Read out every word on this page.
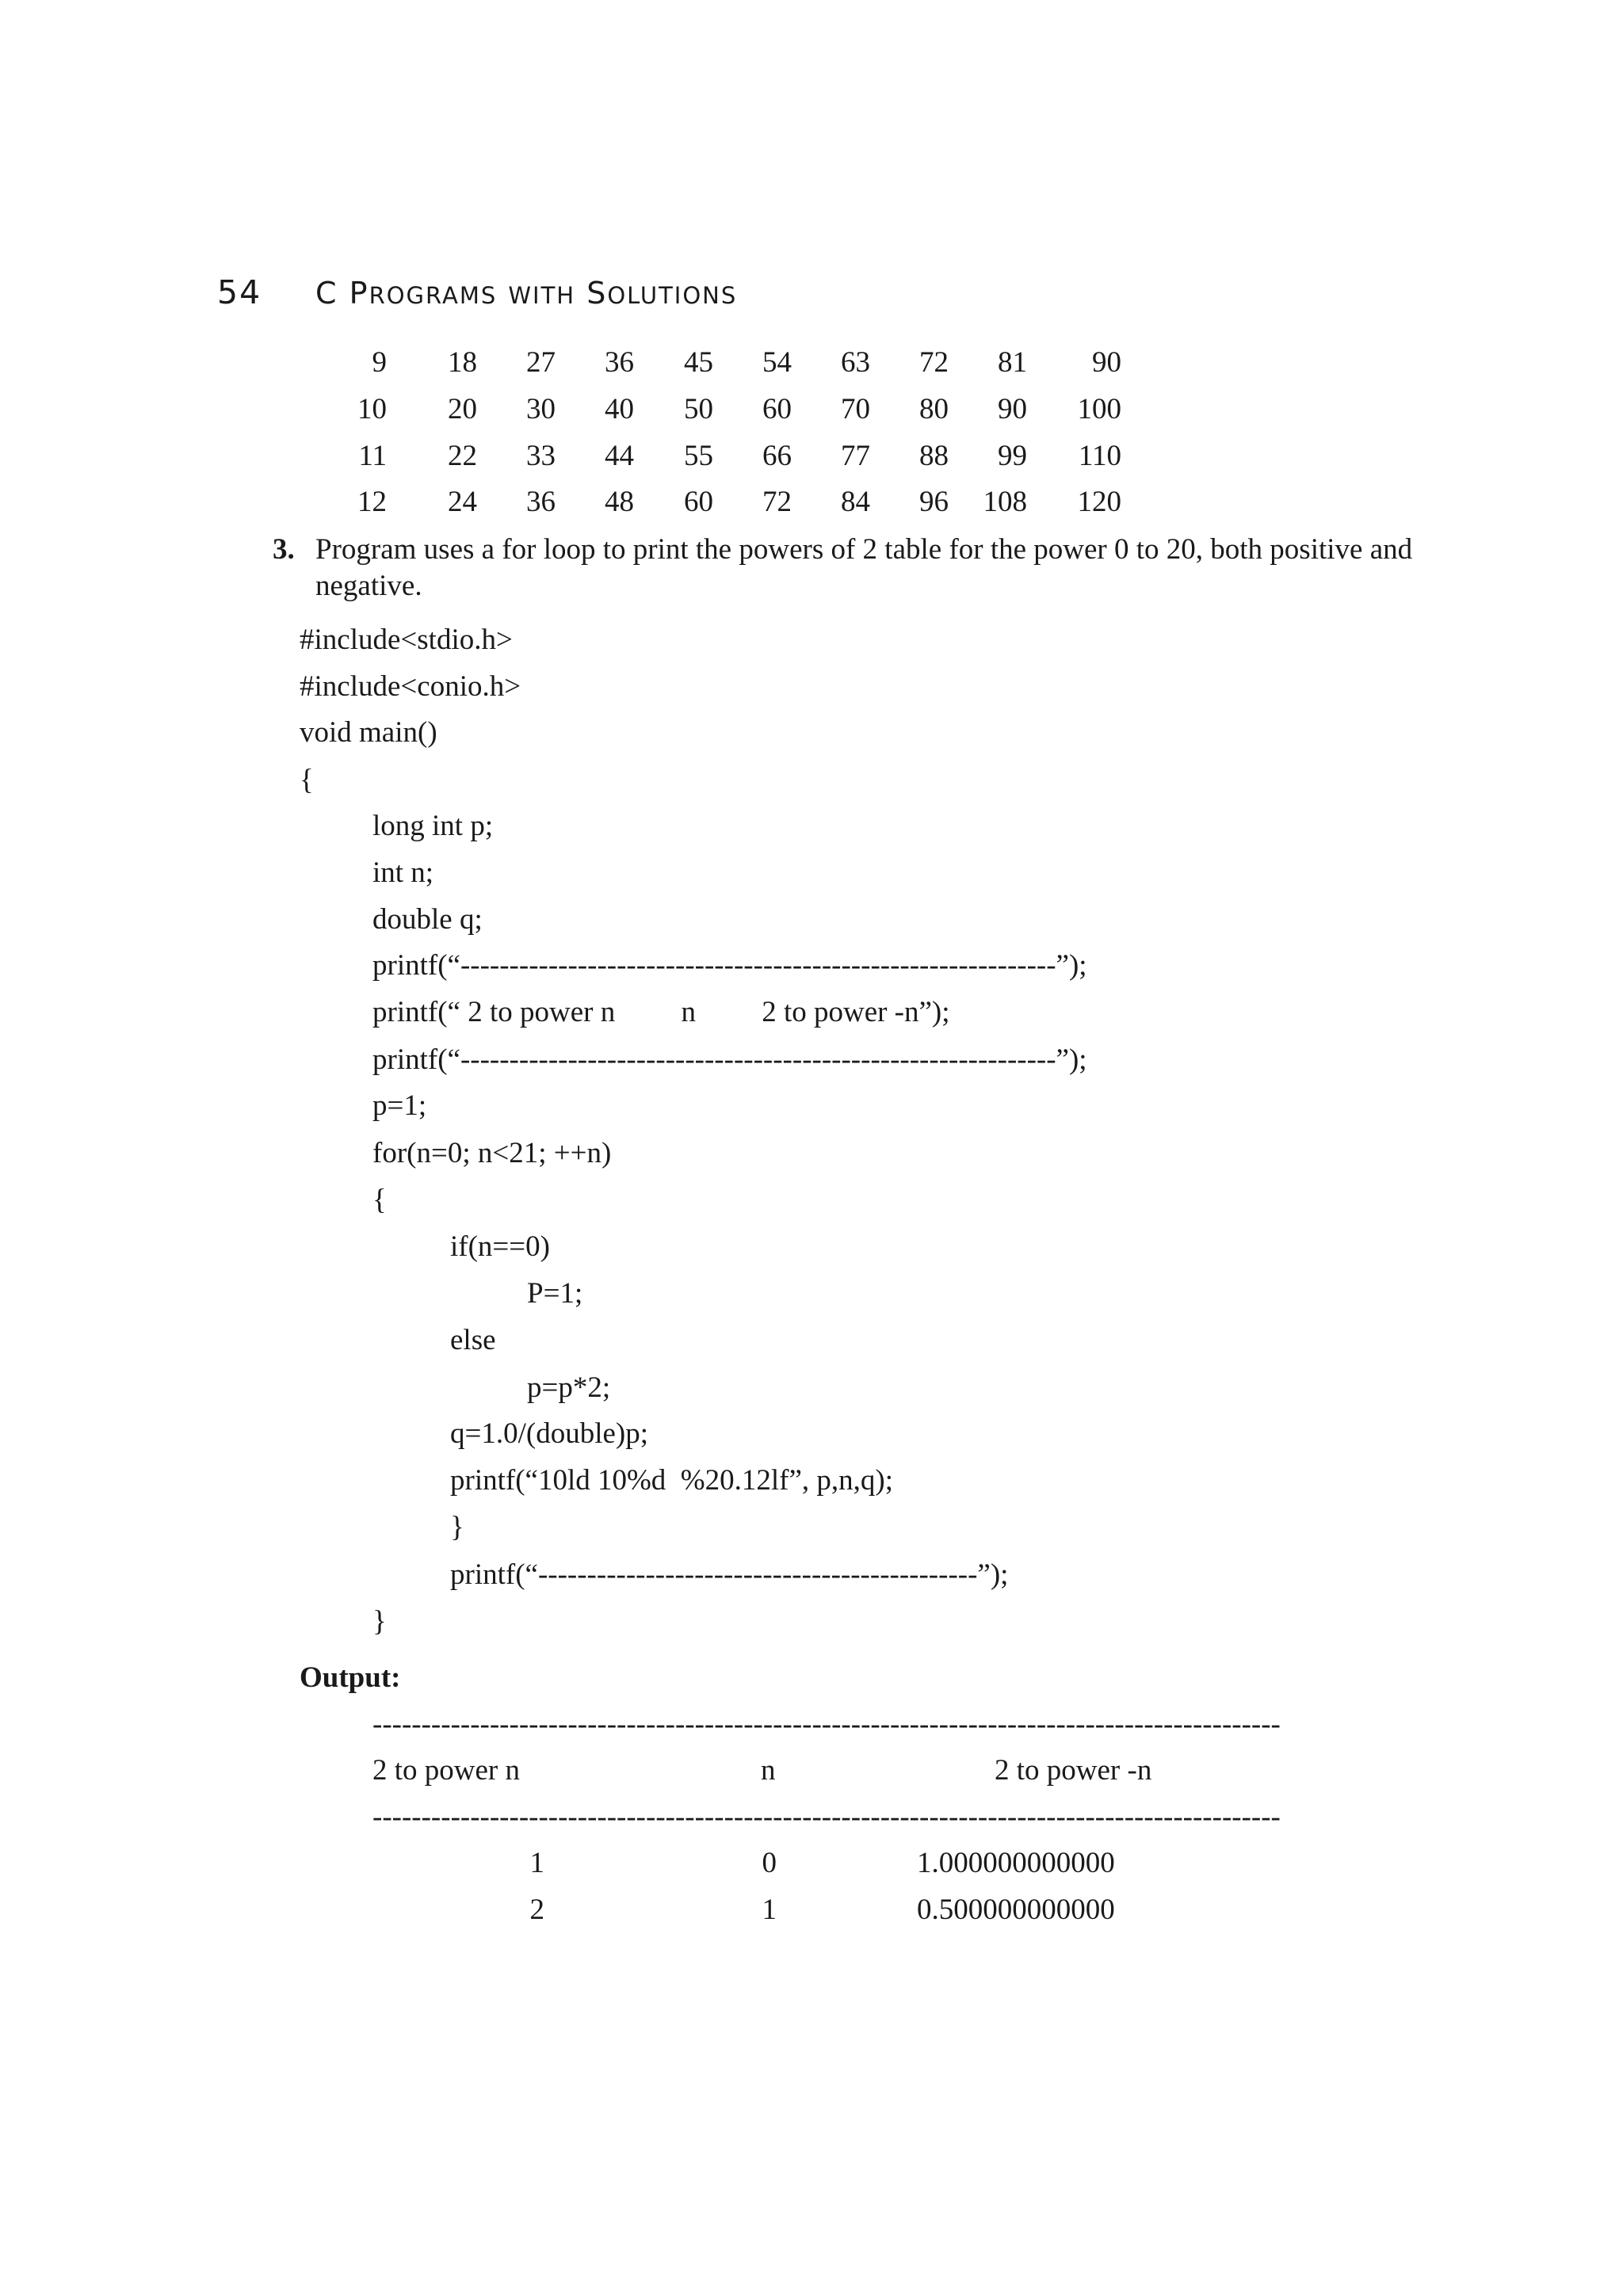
54 C PROGRAMS WITH SOLUTIONS
9 18 27 36 45 54 63 72 81 90
10 20 30 40 50 60 70 80 90 100
11 22 33 44 55 66 77 88 99 110
12 24 36 48 60 72 84 96 108 120
3. Program uses a for loop to print the powers of 2 table for the power 0 to 20, both positive and
negative.
#include<stdio.h>
#include<conio.h>
void main()
{
long int p;
int n;
double q;
printf(“-------------------------------------------------------------”);
printf(“ 2 to power n         n         2 to power -n”);
printf(“-------------------------------------------------------------”);
p=1;
for(n=0; n<21; ++n)
{
if(n==0)
P=1;
else
p=p*2;
q=1.0/(double)p;
printf(“10ld 10%d  %20.12lf”, p,n,q);
}
printf(“---------------------------------------------”);
}
Output:
---------------------------------------------------------------------------------------------
2 to power n	n	2 to power -n
---------------------------------------------------------------------------------------------
1	0	1.000000000000
2	1	0.500000000000
